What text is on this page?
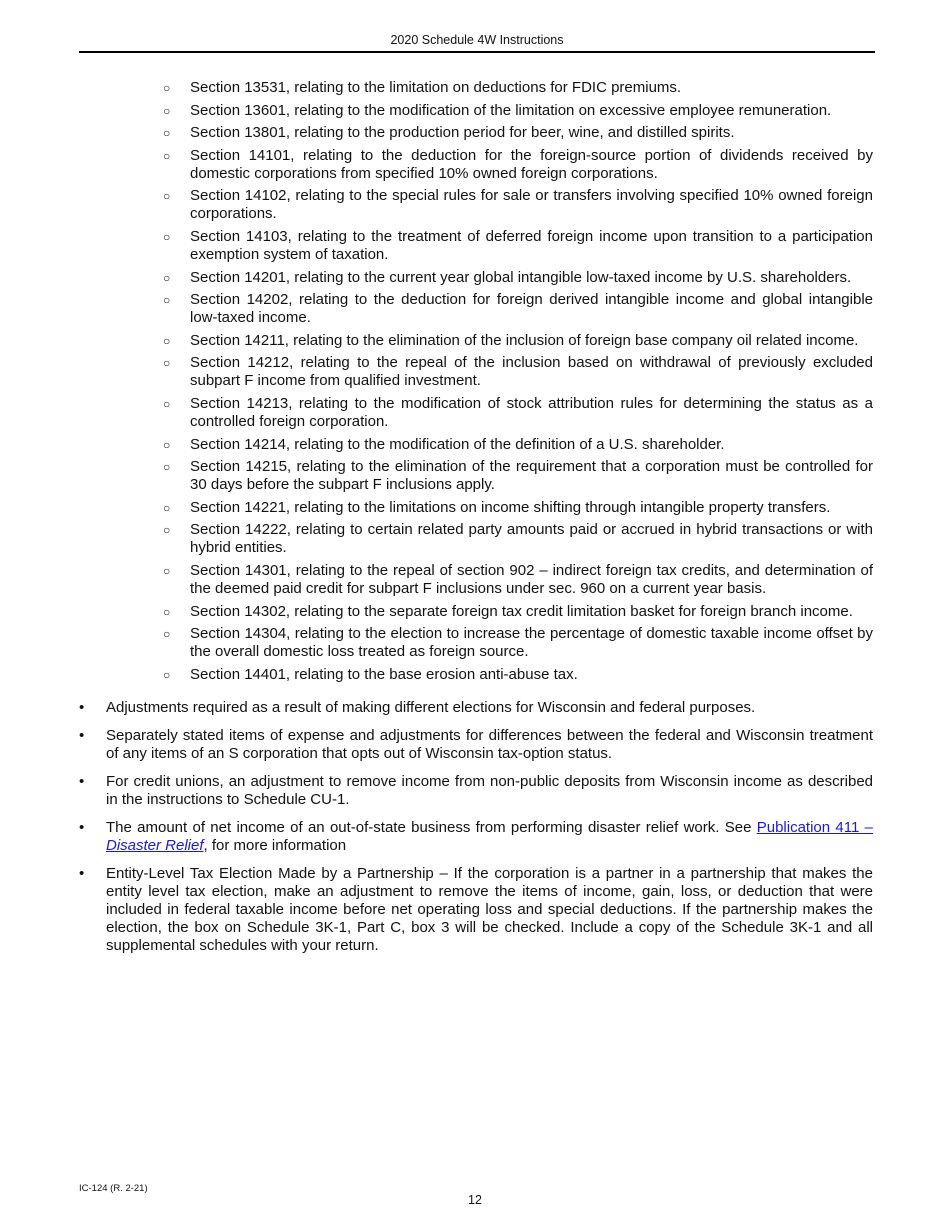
2020 Schedule 4W Instructions
○ Section 13531, relating to the limitation on deductions for FDIC premiums.
○ Section 13601, relating to the modification of the limitation on excessive employee remuneration.
○ Section 13801, relating to the production period for beer, wine, and distilled spirits.
○ Section 14101, relating to the deduction for the foreign-source portion of dividends received by domestic corporations from specified 10% owned foreign corporations.
○ Section 14102, relating to the special rules for sale or transfers involving specified 10% owned foreign corporations.
○ Section 14103, relating to the treatment of deferred foreign income upon transition to a participation exemption system of taxation.
○ Section 14201, relating to the current year global intangible low-taxed income by U.S. shareholders.
○ Section 14202, relating to the deduction for foreign derived intangible income and global intangible low-taxed income.
○ Section 14211, relating to the elimination of the inclusion of foreign base company oil related income.
○ Section 14212, relating to the repeal of the inclusion based on withdrawal of previously excluded subpart F income from qualified investment.
○ Section 14213, relating to the modification of stock attribution rules for determining the status as a controlled foreign corporation.
○ Section 14214, relating to the modification of the definition of a U.S. shareholder.
○ Section 14215, relating to the elimination of the requirement that a corporation must be controlled for 30 days before the subpart F inclusions apply.
○ Section 14221, relating to the limitations on income shifting through intangible property transfers.
○ Section 14222, relating to certain related party amounts paid or accrued in hybrid transactions or with hybrid entities.
○ Section 14301, relating to the repeal of section 902 – indirect foreign tax credits, and determination of the deemed paid credit for subpart F inclusions under sec. 960 on a current year basis.
○ Section 14302, relating to the separate foreign tax credit limitation basket for foreign branch income.
○ Section 14304, relating to the election to increase the percentage of domestic taxable income offset by the overall domestic loss treated as foreign source.
○ Section 14401, relating to the base erosion anti-abuse tax.
• Adjustments required as a result of making different elections for Wisconsin and federal purposes.
• Separately stated items of expense and adjustments for differences between the federal and Wisconsin treatment of any items of an S corporation that opts out of Wisconsin tax-option status.
• For credit unions, an adjustment to remove income from non-public deposits from Wisconsin income as described in the instructions to Schedule CU-1.
• The amount of net income of an out-of-state business from performing disaster relief work. See Publication 411 – Disaster Relief, for more information
• Entity-Level Tax Election Made by a Partnership – If the corporation is a partner in a partnership that makes the entity level tax election, make an adjustment to remove the items of income, gain, loss, or deduction that were included in federal taxable income before net operating loss and special deductions. If the partnership makes the election, the box on Schedule 3K-1, Part C, box 3 will be checked. Include a copy of the Schedule 3K-1 and all supplemental schedules with your return.
IC-124 (R. 2-21)
12
